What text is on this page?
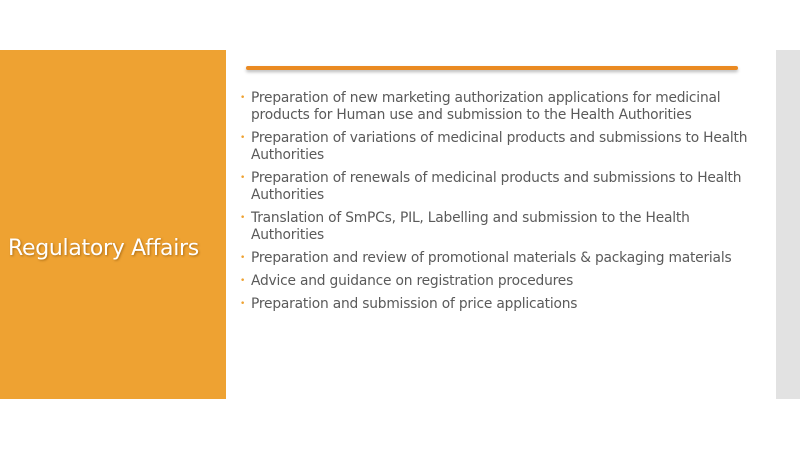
Regulatory Affairs
• Preparation of new marketing authorization applications for medicinal products for Human use and submission to the Health Authorities
• Preparation of variations of medicinal products and submissions to Health Authorities
• Preparation of renewals of medicinal products and submissions to Health Authorities
• Translation of SmPCs, PIL, Labelling and submission to the Health Authorities
• Preparation and review of promotional materials & packaging materials
• Advice and guidance on registration procedures
• Preparation and submission of price applications
